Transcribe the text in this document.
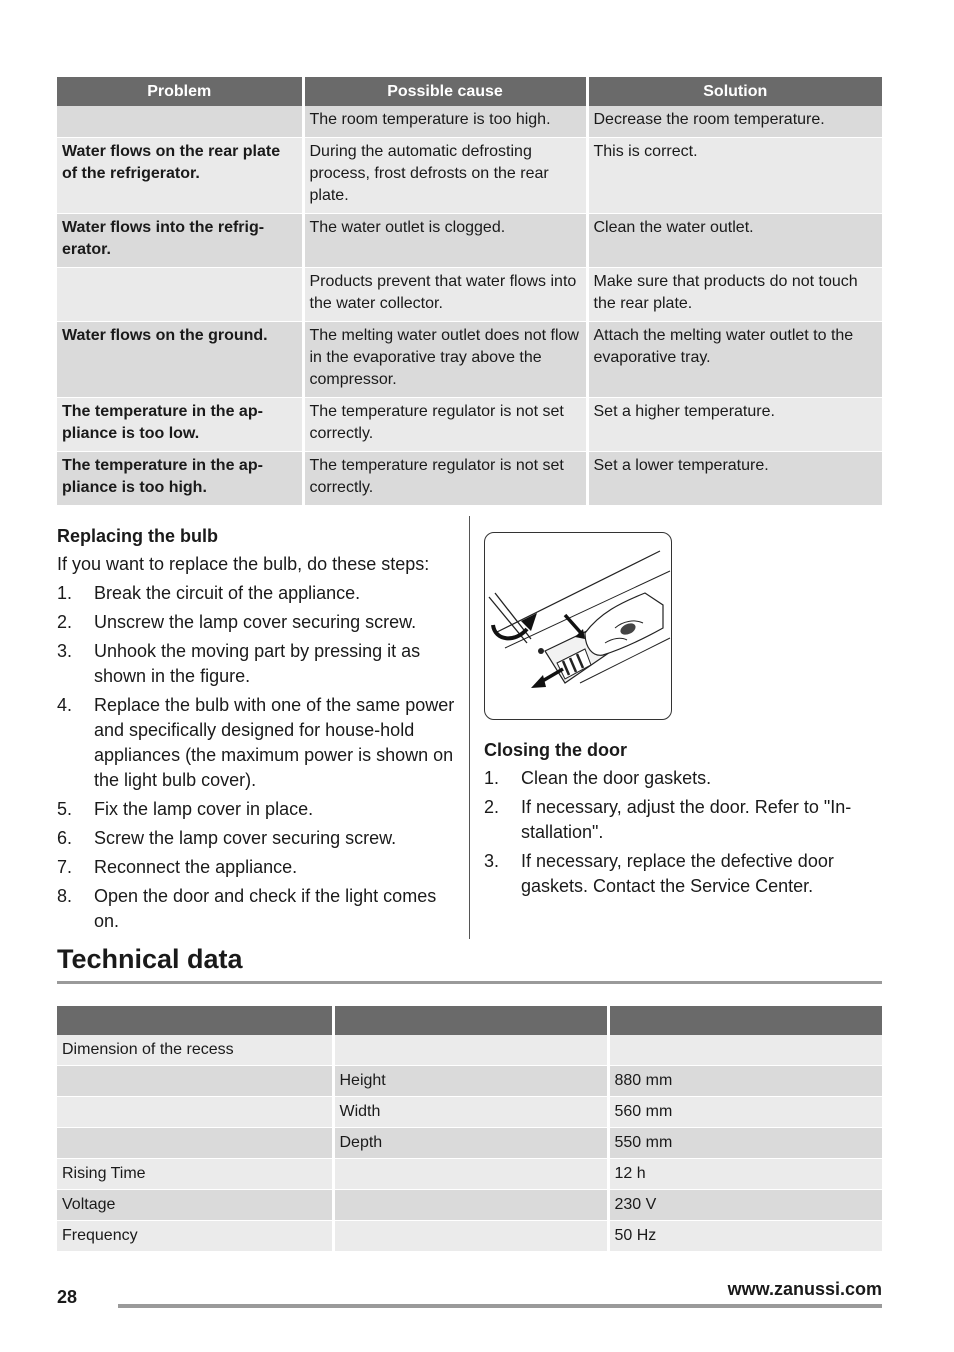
Problem	Possible cause	Solution
	The room temperature is too high.	Decrease the room temperature.
Water flows on the rear plate of the refrigerator.	During the automatic defrosting process, frost defrosts on the rear plate.	This is correct.
Water flows into the refrig-erator.	The water outlet is clogged.	Clean the water outlet.
	Products prevent that water flows into the water collector.	Make sure that products do not touch the rear plate.
Water flows on the ground.	The melting water outlet does not flow in the evaporative tray above the compressor.	Attach the melting water outlet to the evaporative tray.
The temperature in the ap-pliance is too low.	The temperature regulator is not set correctly.	Set a higher temperature.
The temperature in the ap-pliance is too high.	The temperature regulator is not set correctly.	Set a lower temperature.
Replacing the bulb
If you want to replace the bulb, do these steps:
1. Break the circuit of the appliance.
2. Unscrew the lamp cover securing screw.
3. Unhook the moving part by pressing it as shown in the figure.
4. Replace the bulb with one of the same power and specifically designed for house-hold appliances (the maximum power is shown on the light bulb cover).
5. Fix the lamp cover in place.
6. Screw the lamp cover securing screw.
7. Reconnect the appliance.
8. Open the door and check if the light comes on.
Closing the door
1. Clean the door gaskets.
2. If necessary, adjust the door. Refer to "In-stallation".
3. If necessary, replace the defective door gaskets. Contact the Service Center.
Technical data

Dimension of the recess		
	Height	880 mm
	Width	560 mm
	Depth	550 mm
Rising Time		12 h
Voltage		230 V
Frequency		50 Hz
28	www.zanussi.com
